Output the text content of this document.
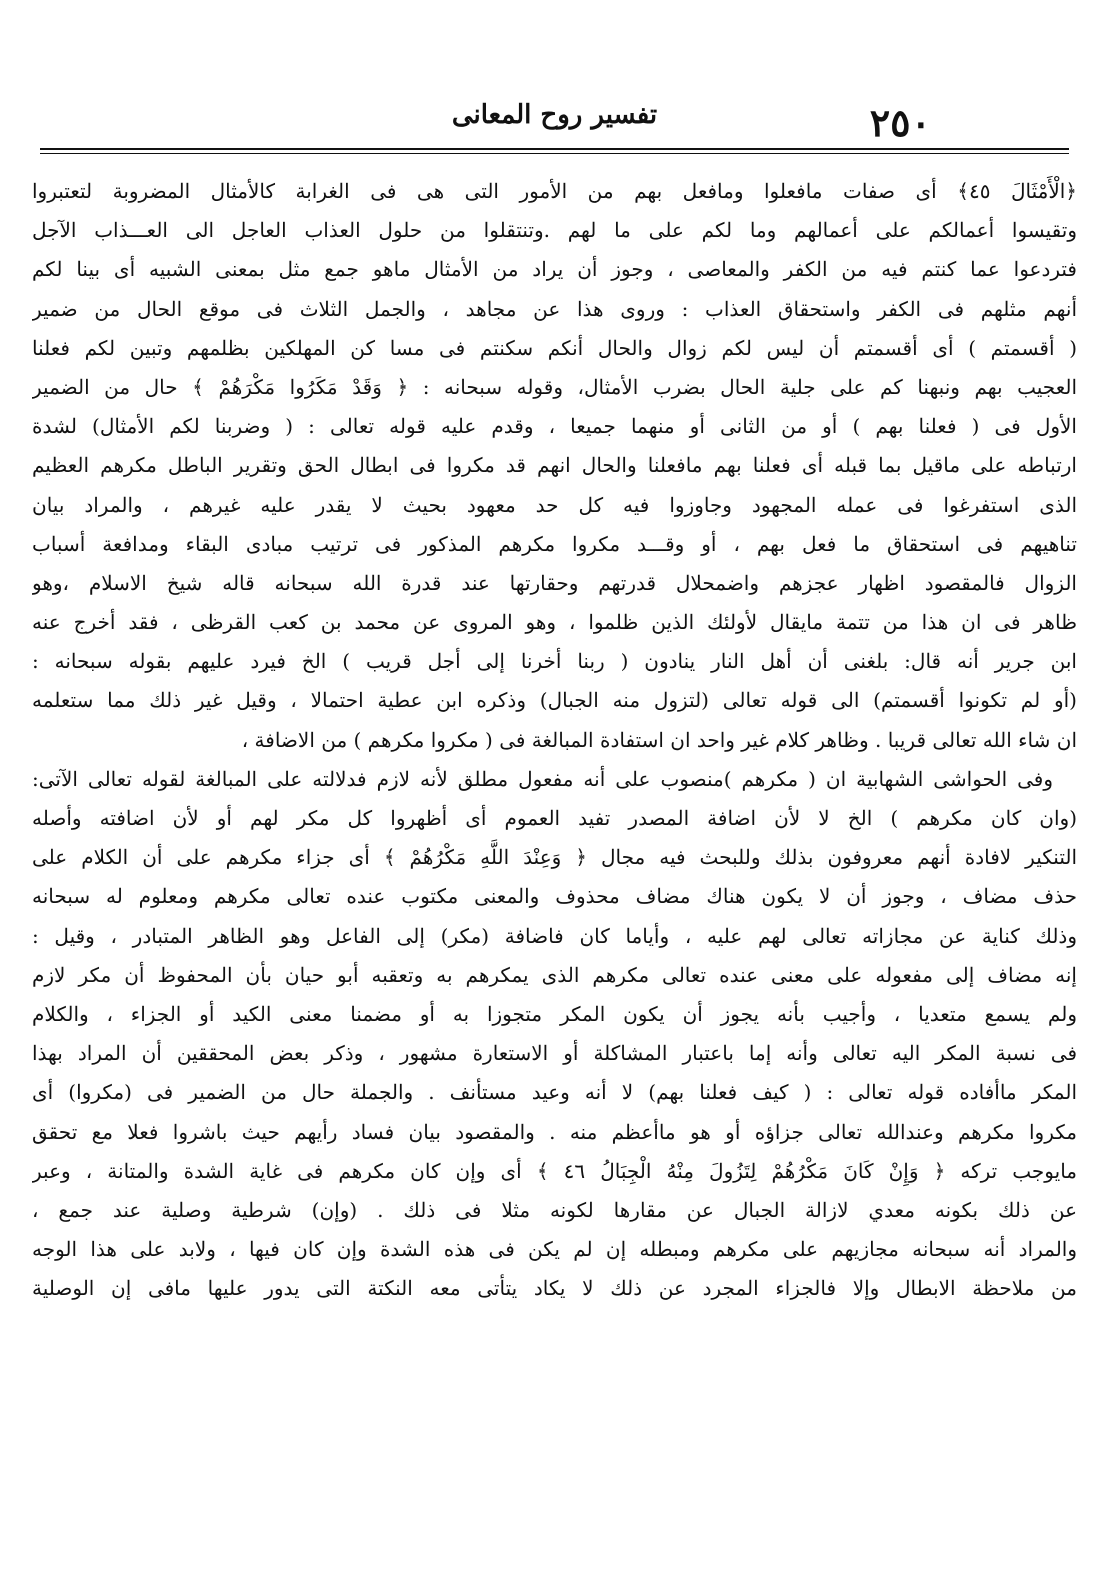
٢٥٠
تفسير روح المعانى
﴿الْأَمْثَالَ ٤٥﴾ أى صفات مافعلوا ومافعل بهم من الأمور التى هى فى الغرابة كالأمثال المضروبة لتعتبروا
وتقيسوا أعمالكم على أعمالهم وما لكم على ما لهم .وتنتقلوا من حلول العذاب العاجل الى العـــذاب الآجل
فتردعوا عما كنتم فيه من الكفر والمعاصى ، وجوز أن يراد من الأمثال ماهو جمع مثل بمعنى الشبيه أى بينا لكم
أنهم مثلهم فى الكفر واستحقاق العذاب : وروى هذا عن مجاهد ، والجمل الثلاث فى موقع الحال من ضمير
( أقسمتم ) أى أقسمتم أن ليس لكم زوال والحال أنكم سكنتم فى مسا كن المهلكين بظلمهم وتبين لكم فعلنا
العجيب بهم ونبهنا كم على جلية الحال بضرب الأمثال، وقوله سبحانه : ﴿ وَقَدْ مَكَرُوا مَكْرَهُمْ ﴾ حال من الضمير
الأول فى ( فعلنا بهم ) أو من الثانى أو منهما جميعا ، وقدم عليه قوله تعالى : ( وضربنا لكم الأمثال) لشدة
ارتباطه على ماقيل بما قبله أى فعلنا بهم مافعلنا والحال انهم قد مكروا فى ابطال الحق وتقرير الباطل مكرهم العظيم
الذى استفرغوا فى عمله المجهود وجاوزوا فيه كل حد معهود بحيث لا يقدر عليه غيرهم ، والمراد بيان
تناهيهم فى استحقاق ما فعل بهم ، أو وقـــد مكروا مكرهم المذكور فى ترتيب مبادى البقاء ومدافعة أسباب
الزوال فالمقصود اظهار عجزهم واضمحلال قدرتهم وحقارتها عند قدرة الله سبحانه قاله شيخ الاسلام ،وهو
ظاهر فى ان هذا من تتمة مايقال لأولئك الذين ظلموا ، وهو المروى عن محمد بن كعب القرظى ، فقد أخرج عنه
ابن جرير أنه قال: بلغنى أن أهل النار ينادون ( ربنا أخرنا إلى أجل قريب ) الخ فيرد عليهم بقوله سبحانه :
(أو لم تكونوا أقسمتم) الى قوله تعالى (لتزول منه الجبال) وذكره ابن عطية احتمالا ، وقيل غير ذلك مما ستعلمه
ان شاء الله تعالى قريبا . وظاهر كلام غير واحد ان استفادة المبالغة فى ( مكروا مكرهم ) من الاضافة ،
وفى الحواشى الشهابية ان ( مكرهم )منصوب على أنه مفعول مطلق لأنه لازم فدلالته على المبالغة لقوله تعالى الآتى:
(وان كان مكرهم ) الخ لا لأن اضافة المصدر تفيد العموم أى أظهروا كل مكر لهم أو لأن اضافته وأصله
التنكير لافادة أنهم معروفون بذلك وللبحث فيه مجال ﴿ وَعِنْدَ اللَّهِ مَكْرُهُمْ ﴾ أى جزاء مكرهم على أن الكلام على
حذف مضاف ، وجوز أن لا يكون هناك مضاف محذوف والمعنى مكتوب عنده تعالى مكرهم ومعلوم له سبحانه
وذلك كناية عن مجازاته تعالى لهم عليه ، وأياما كان فاضافة (مكر) إلى الفاعل وهو الظاهر المتبادر ، وقيل :
إنه مضاف إلى مفعوله على معنى عنده تعالى مكرهم الذى يمكرهم به وتعقبه أبو حيان بأن المحفوظ أن مكر لازم
ولم يسمع متعديا ، وأجيب بأنه يجوز أن يكون المكر متجوزا به أو مضمنا معنى الكيد أو الجزاء ، والكلام
فى نسبة المكر اليه تعالى وأنه إما باعتبار المشاكلة أو الاستعارة مشهور ، وذكر بعض المحققين أن المراد بهذا
المكر ماأفاده قوله تعالى : ( كيف فعلنا بهم) لا أنه وعيد مستأنف . والجملة حال من الضمير فى (مكروا) أى
مكروا مكرهم وعندالله تعالى جزاؤه أو هو ماأعظم منه . والمقصود بيان فساد رأيهم حيث باشروا فعلا مع تحقق
مايوجب تركه ﴿ وَإِنْ كَانَ مَكْرُهُمْ لِتَزُولَ مِنْهُ الْجِبَالُ ٤٦ ﴾ أى وإن كان مكرهم فى غاية الشدة والمتانة ، وعبر
عن ذلك بكونه معدي لازالة الجبال عن مقارها لكونه مثلا فى ذلك . (وإن) شرطية وصلية عند جمع ،
والمراد أنه سبحانه مجازيهم على مكرهم ومبطله إن لم يكن فى هذه الشدة وإن كان فيها ، ولابد على هذا الوجه
من ملاحظة الابطال وإلا فالجزاء المجرد عن ذلك لا يكاد يتأتى معه النكتة التى يدور عليها مافى إن الوصلية
